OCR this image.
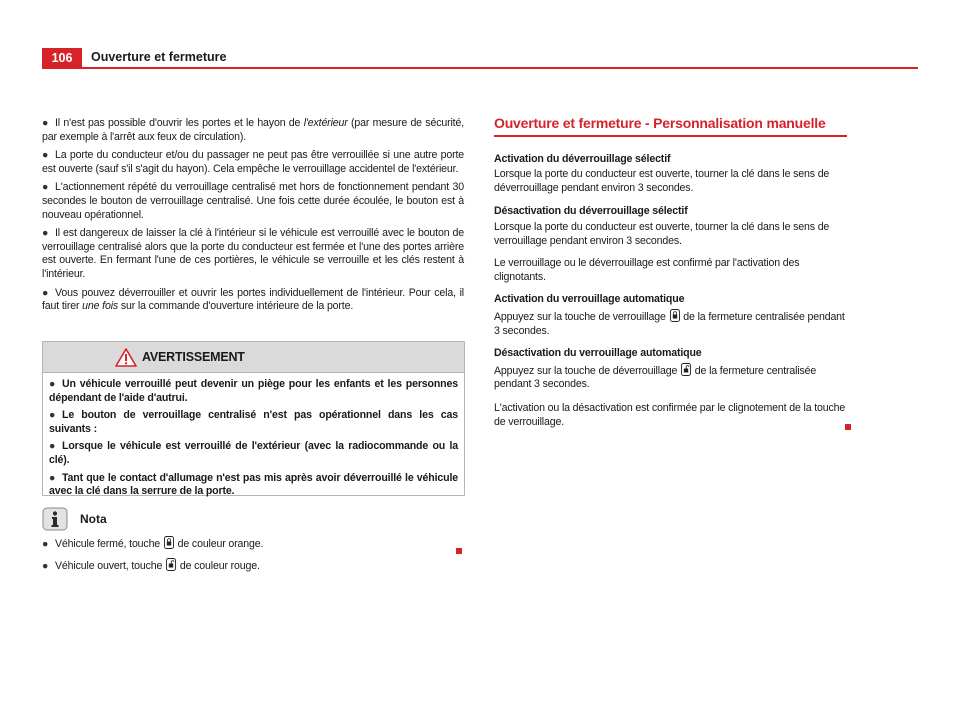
106	Ouverture et fermeture
● Il n'est pas possible d'ouvrir les portes et le hayon de l'extérieur (par mesure de sécurité, par exemple à l'arrêt aux feux de circulation).
● La porte du conducteur et/ou du passager ne peut pas être verrouillée si une autre porte est ouverte (sauf s'il s'agit du hayon). Cela empêche le verrouillage accidentel de l'extérieur.
● L'actionnement répété du verrouillage centralisé met hors de fonctionnement pendant 30 secondes le bouton de verrouillage centralisé. Une fois cette durée écoulée, le bouton est à nouveau opérationnel.
● Il est dangereux de laisser la clé à l'intérieur si le véhicule est verrouillé avec le bouton de verrouillage centralisé alors que la porte du conducteur est fermée et l'une des portes arrière est ouverte. En fermant l'une de ces portières, le véhicule se verrouille et les clés restent à l'intérieur.
● Vous pouvez déverrouiller et ouvrir les portes individuellement de l'intérieur. Pour cela, il faut tirer une fois sur la commande d'ouverture intérieure de la porte.
AVERTISSEMENT
● Un véhicule verrouillé peut devenir un piège pour les enfants et les personnes dépendant de l'aide d'autrui.
● Le bouton de verrouillage centralisé n'est pas opérationnel dans les cas suivants :
● Lorsque le véhicule est verrouillé de l'extérieur (avec la radiocommande ou la clé).
● Tant que le contact d'allumage n'est pas mis après avoir déverrouillé le véhicule avec la clé dans la serrure de la porte.
Nota
● Véhicule fermé, touche  de couleur orange.
● Véhicule ouvert, touche  de couleur rouge.
Ouverture et fermeture - Personnalisation manuelle
Activation du déverrouillage sélectif
Lorsque la porte du conducteur est ouverte, tourner la clé dans le sens de déverrouillage pendant environ 3 secondes.
Désactivation du déverrouillage sélectif
Lorsque la porte du conducteur est ouverte, tourner la clé dans le sens de verrouillage pendant environ 3 secondes.
Le verrouillage ou le déverrouillage est confirmé par l'activation des clignotants.
Activation du verrouillage automatique
Appuyez sur la touche de verrouillage  de la fermeture centralisée pendant 3 secondes.
Désactivation du verrouillage automatique
Appuyez sur la touche de déverrouillage  de la fermeture centralisée pendant 3 secondes.
L'activation ou la désactivation est confirmée par le clignotement de la touche de verrouillage.
